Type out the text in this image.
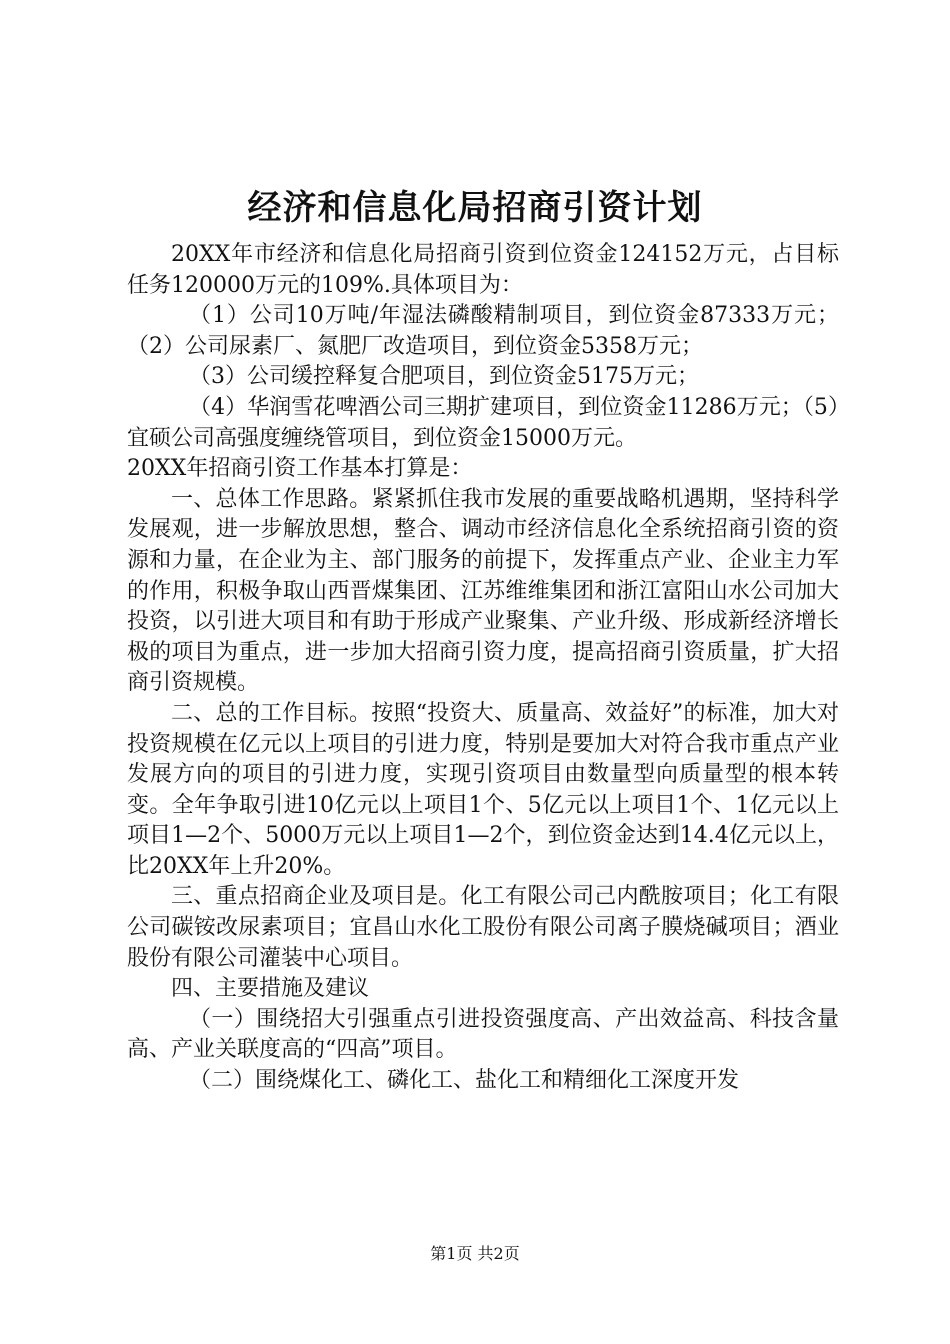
经济和信息化局招商引资计划

20XX年市经济和信息化局招商引资到位资金124152万元，占目标任务120000万元的109%.具体项目为：

（1）公司10万吨/年湿法磷酸精制项目，到位资金87333万元；（2）公司尿素厂、氮肥厂改造项目，到位资金5358万元；

（3）公司缓控释复合肥项目，到位资金5175万元；

（4）华润雪花啤酒公司三期扩建项目，到位资金11286万元；（5）宜硕公司高强度缠绕管项目，到位资金15000万元。

20XX年招商引资工作基本打算是：

一、总体工作思路。紧紧抓住我市发展的重要战略机遇期，坚持科学发展观，进一步解放思想，整合、调动市经济信息化全系统招商引资的资源和力量，在企业为主、部门服务的前提下，发挥重点产业、企业主力军的作用，积极争取山西晋煤集团、江苏维维集团和浙江富阳山水公司加大投资，以引进大项目和有助于形成产业聚集、产业升级、形成新经济增长极的项目为重点，进一步加大招商引资力度，提高招商引资质量，扩大招商引资规模。

二、总的工作目标。按照“投资大、质量高、效益好”的标准，加大对投资规模在亿元以上项目的引进力度，特别是要加大对符合我市重点产业发展方向的项目的引进力度，实现引资项目由数量型向质量型的根本转变。全年争取引进10亿元以上项目1个、5亿元以上项目1个、1亿元以上项目1—2个、5000万元以上项目1—2个，到位资金达到14.4亿元以上，比20XX年上升20%。

三、重点招商企业及项目是。化工有限公司己内酰胺项目；化工有限公司碳铵改尿素项目；宜昌山水化工股份有限公司离子膜烧碱项目；酒业股份有限公司灌装中心项目。

四、主要措施及建议

（一）围绕招大引强重点引进投资强度高、产出效益高、科技含量高、产业关联度高的“四高”项目。

（二）围绕煤化工、磷化工、盐化工和精细化工深度开发

第1页 共2页
